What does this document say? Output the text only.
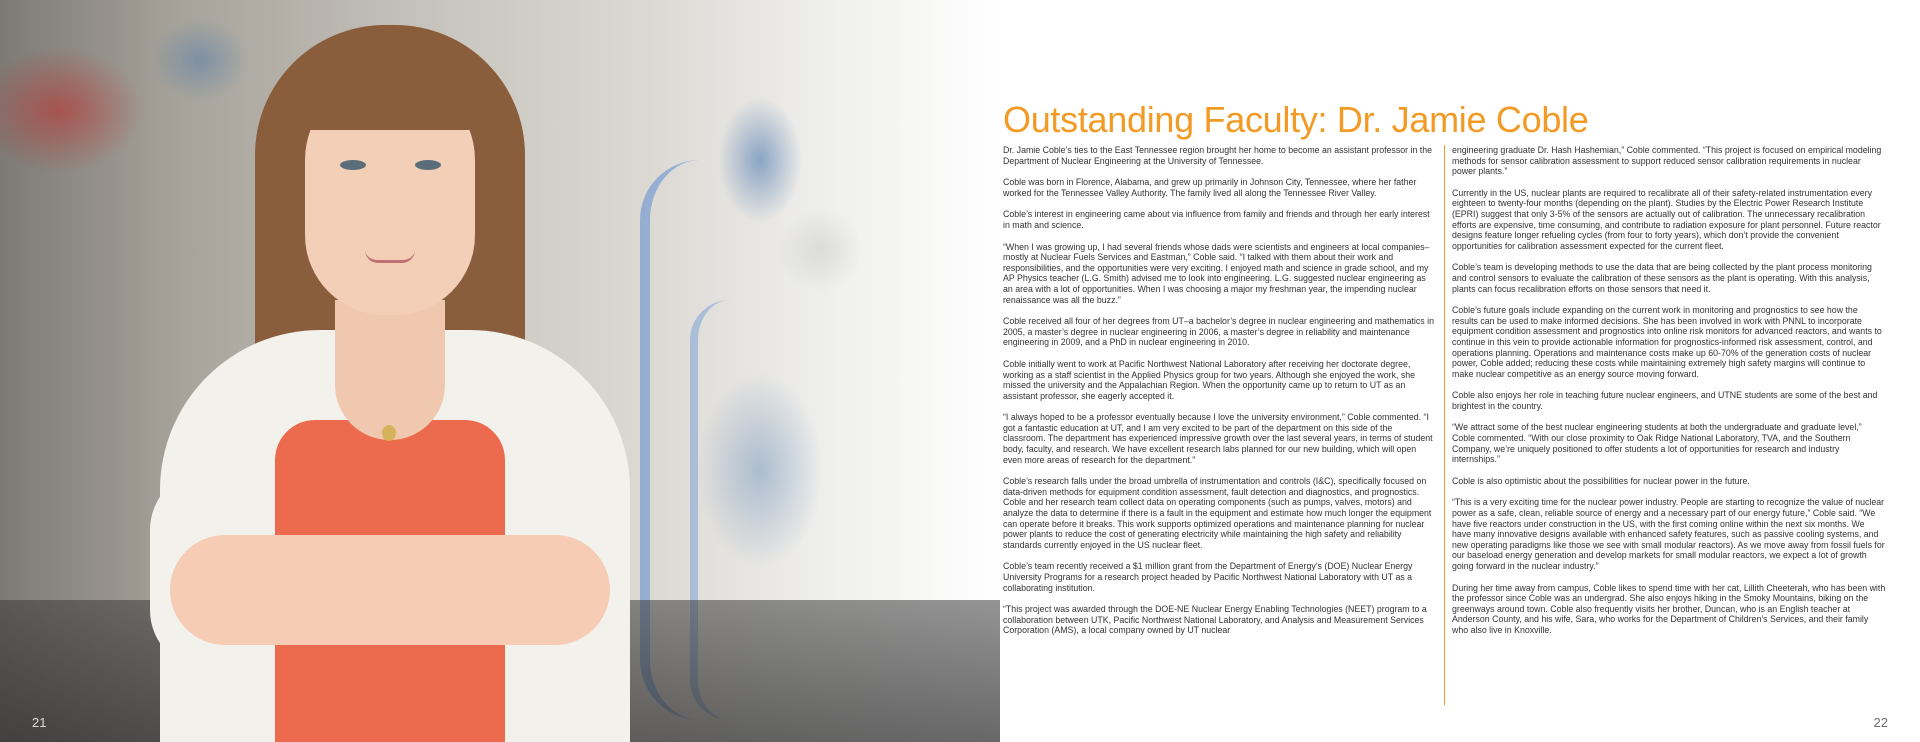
21
Outstanding Faculty: Dr. Jamie Coble

Dr. Jamie Coble’s ties to the East Tennessee region brought her home to become an assistant professor in the Department of Nuclear Engineering at the University of Tennessee.

Coble was born in Florence, Alabama, and grew up primarily in Johnson City, Tennessee, where her father worked for the Tennessee Valley Authority. The family lived all along the Tennessee River Valley.

Coble’s interest in engineering came about via influence from family and friends and through her early interest in math and science.

“When I was growing up, I had several friends whose dads were scientists and engineers at local companies–mostly at Nuclear Fuels Services and Eastman,” Coble said. “I talked with them about their work and responsibilities, and the opportunities were very exciting. I enjoyed math and science in grade school, and my AP Physics teacher (L.G. Smith) advised me to look into engineering. L.G. suggested nuclear engineering as an area with a lot of opportunities. When I was choosing a major my freshman year, the impending nuclear renaissance was all the buzz.”

Coble received all four of her degrees from UT–a bachelor’s degree in nuclear engineering and mathematics in 2005, a master’s degree in nuclear engineering in 2006, a master’s degree in reliability and maintenance engineering in 2009, and a PhD in nuclear engineering in 2010.

Coble initially went to work at Pacific Northwest National Laboratory after receiving her doctorate degree, working as a staff scientist in the Applied Physics group for two years. Although she enjoyed the work, she missed the university and the Appalachian Region. When the opportunity came up to return to UT as an assistant professor, she eagerly accepted it.

“I always hoped to be a professor eventually because I love the university environment,” Coble commented. “I got a fantastic education at UT, and I am very excited to be part of the department on this side of the classroom. The department has experienced impressive growth over the last several years, in terms of student body, faculty, and research. We have excellent research labs planned for our new building, which will open even more areas of research for the department.”

Coble’s research falls under the broad umbrella of instrumentation and controls (I&C), specifically focused on data-driven methods for equipment condition assessment, fault detection and diagnostics, and prognostics. Coble and her research team collect data on operating components (such as pumps, valves, motors) and analyze the data to determine if there is a fault in the equipment and estimate how much longer the equipment can operate before it breaks. This work supports optimized operations and maintenance planning for nuclear power plants to reduce the cost of generating electricity while maintaining the high safety and reliability standards currently enjoyed in the US nuclear fleet.

Coble’s team recently received a $1 million grant from the Department of Energy’s (DOE) Nuclear Energy University Programs for a research project headed by Pacific Northwest National Laboratory with UT as a collaborating institution.

“This project was awarded through the DOE-NE Nuclear Energy Enabling Technologies (NEET) program to a collaboration between UTK, Pacific Northwest National Laboratory, and Analysis and Measurement Services Corporation (AMS), a local company owned by UT nuclear

engineering graduate Dr. Hash Hashemian,” Coble commented. “This project is focused on empirical modeling methods for sensor calibration assessment to support reduced sensor calibration requirements in nuclear power plants.”

Currently in the US, nuclear plants are required to recalibrate all of their safety-related instrumentation every eighteen to twenty-four months (depending on the plant). Studies by the Electric Power Research Institute (EPRI) suggest that only 3-5% of the sensors are actually out of calibration. The unnecessary recalibration efforts are expensive, time consuming, and contribute to radiation exposure for plant personnel. Future reactor designs feature longer refueling cycles (from four to forty years), which don’t provide the convenient opportunities for calibration assessment expected for the current fleet.

Coble’s team is developing methods to use the data that are being collected by the plant process monitoring and control sensors to evaluate the calibration of these sensors as the plant is operating. With this analysis, plants can focus recalibration efforts on those sensors that need it.

Coble’s future goals include expanding on the current work in monitoring and prognostics to see how the results can be used to make informed decisions. She has been involved in work with PNNL to incorporate equipment condition assessment and prognostics into online risk monitors for advanced reactors, and wants to continue in this vein to provide actionable information for prognostics-informed risk assessment, control, and operations planning. Operations and maintenance costs make up 60-70% of the generation costs of nuclear power, Coble added; reducing these costs while maintaining extremely high safety margins will continue to make nuclear competitive as an energy source moving forward.

Coble also enjoys her role in teaching future nuclear engineers, and UTNE students are some of the best and brightest in the country.

“We attract some of the best nuclear engineering students at both the undergraduate and graduate level,” Coble commented. “With our close proximity to Oak Ridge National Laboratory, TVA, and the Southern Company, we’re uniquely positioned to offer students a lot of opportunities for research and industry internships.”

Coble is also optimistic about the possibilities for nuclear power in the future.

“This is a very exciting time for the nuclear power industry. People are starting to recognize the value of nuclear power as a safe, clean, reliable source of energy and a necessary part of our energy future,” Coble said. “We have five reactors under construction in the US, with the first coming online within the next six months. We have many innovative designs available with enhanced safety features, such as passive cooling systems, and new operating paradigms like those we see with small modular reactors). As we move away from fossil fuels for our baseload energy generation and develop markets for small modular reactors, we expect a lot of growth going forward in the nuclear industry.”

During her time away from campus, Coble likes to spend time with her cat, Lillith Cheeterah, who has been with the professor since Coble was an undergrad. She also enjoys hiking in the Smoky Mountains, biking on the greenways around town. Coble also frequently visits her brother, Duncan, who is an English teacher at Anderson County, and his wife, Sara, who works for the Department of Children’s Services, and their family who also live in Knoxville.

22
